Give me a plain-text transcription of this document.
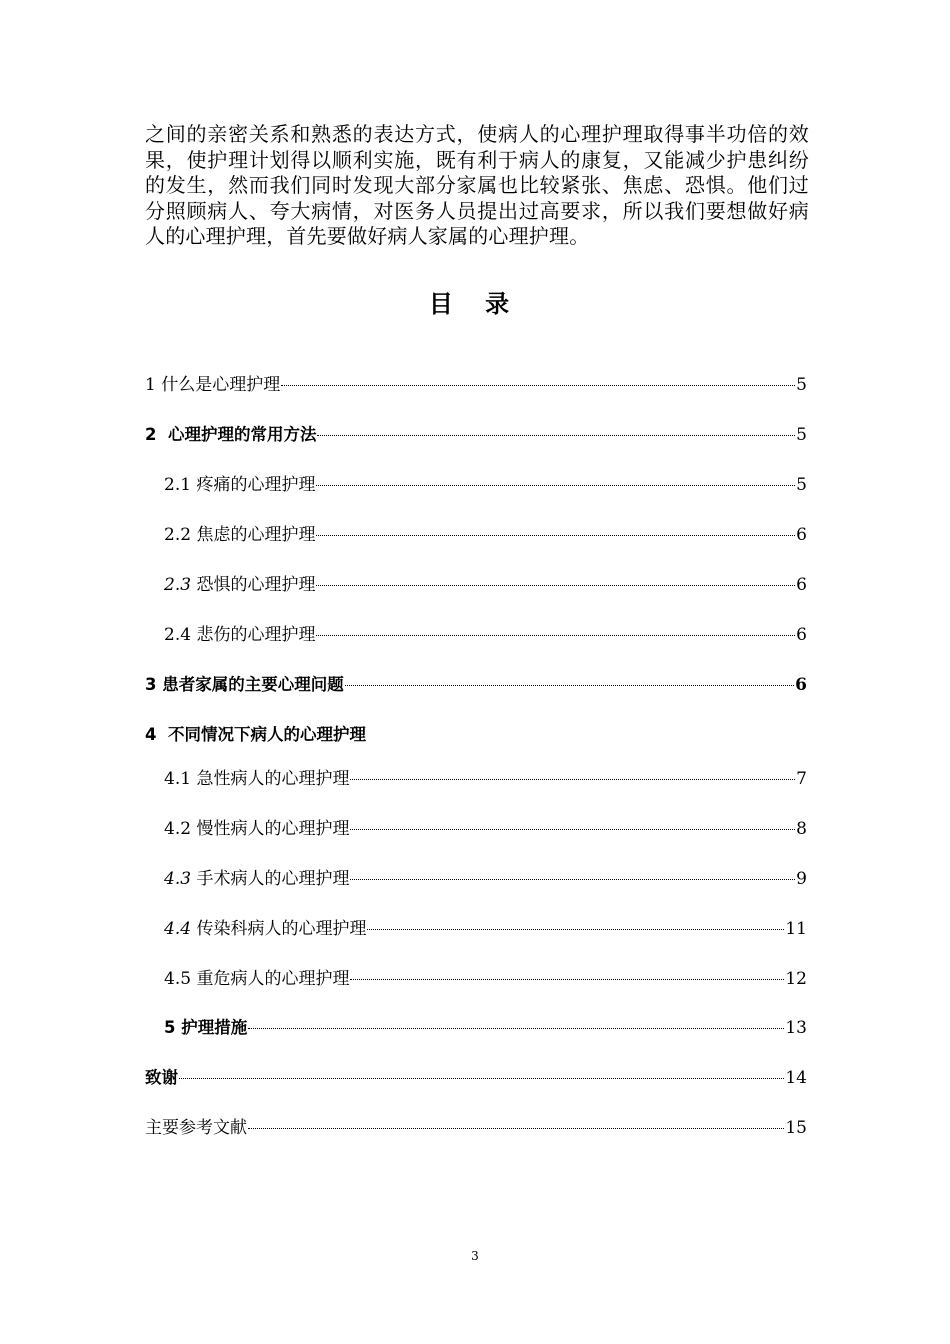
之间的亲密关系和熟悉的表达方式，使病人的心理护理取得事半功倍的效果，使护理计划得以顺利实施，既有利于病人的康复，又能减少护患纠纷的发生，然而我们同时发现大部分家属也比较紧张、焦虑、恐惧。他们过分照顾病人、夸大病情，对医务人员提出过高要求，所以我们要想做好病人的心理护理，首先要做好病人家属的心理护理。

目 录
1 什么是心理护理	5
2 心理护理的常用方法	5
2.1 疼痛的心理护理	5
2.2 焦虑的心理护理	6
2.3 恐惧的心理护理	6
2.4 悲伤的心理护理	6
3 患者家属的主要心理问题	6
4 不同情况下病人的心理护理
4.1 急性病人的心理护理	7
4.2 慢性病人的心理护理	8
4.3 手术病人的心理护理	9
4.4 传染科病人的心理护理	11
4.5 重危病人的心理护理	12
5 护理措施	13
致谢	14
主要参考文献	15
3
